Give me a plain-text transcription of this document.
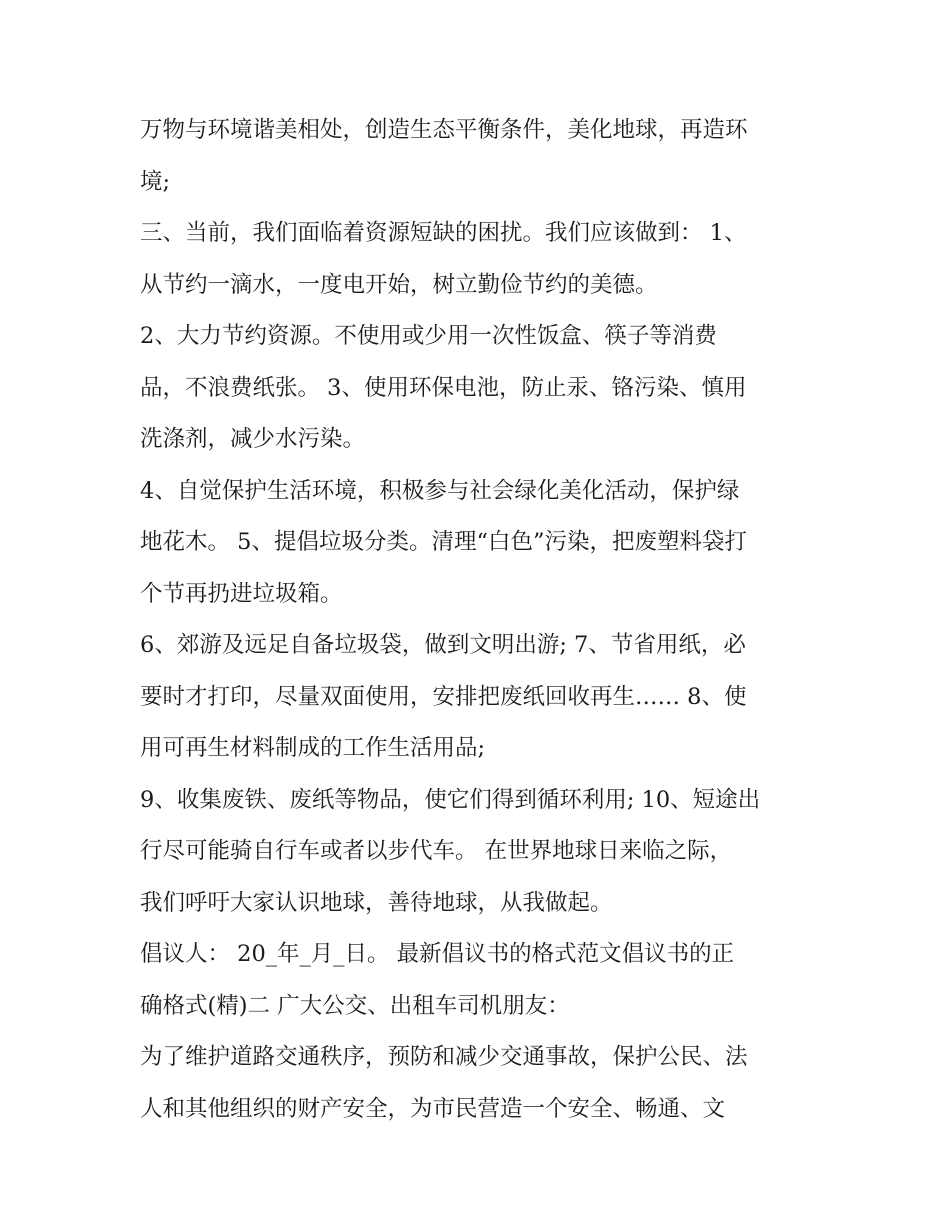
万物与环境谐美相处，创造生态平衡条件，美化地球，再造环
境;
三、当前，我们面临着资源短缺的困扰。我们应该做到： 1、
从节约一滴水，一度电开始，树立勤俭节约的美德。
2、大力节约资源。不使用或少用一次性饭盒、筷子等消费
品，不浪费纸张。 3、使用环保电池，防止汞、铬污染、慎用
洗涤剂，减少水污染。
4、自觉保护生活环境，积极参与社会绿化美化活动，保护绿
地花木。 5、提倡垃圾分类。清理“白色”污染，把废塑料袋打
个节再扔进垃圾箱。
6、郊游及远足自备垃圾袋，做到文明出游; 7、节省用纸，必
要时才打印，尽量双面使用，安排把废纸回收再生…… 8、使
用可再生材料制成的工作生活用品;
9、收集废铁、废纸等物品，使它们得到循环利用; 10、短途出
行尽可能骑自行车或者以步代车。 在世界地球日来临之际，
我们呼吁大家认识地球，善待地球，从我做起。
倡议人： 20_年_月_日。 最新倡议书的格式范文倡议书的正
确格式(精)二 广大公交、出租车司机朋友：
为了维护道路交通秩序，预防和减少交通事故，保护公民、法
人和其他组织的财产安全，为市民营造一个安全、畅通、文
